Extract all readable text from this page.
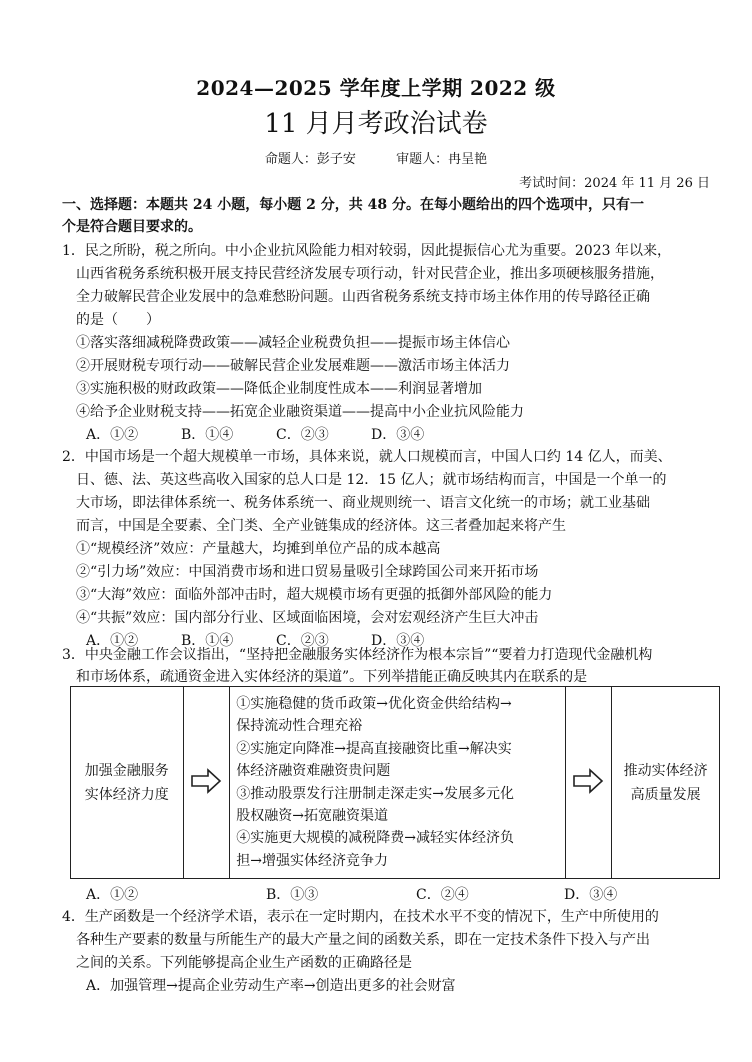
2024—2025 学年度上学期 2022 级
11 月月考政治试卷
命题人：彭子安	审题人：冉呈艳
考试时间：2024 年 11 月 26 日
一、选择题：本题共 24 小题，每小题 2 分，共 48 分。在每小题给出的四个选项中，只有一
个是符合题目要求的。
1．民之所盼，税之所向。中小企业抗风险能力相对较弱，因此提振信心尤为重要。2023 年以来，
山西省税务系统积极开展支持民营经济发展专项行动，针对民营企业，推出多项硬核服务措施，
全力破解民营企业发展中的急难愁盼问题。山西省税务系统支持市场主体作用的传导路径正确
的是（　　）
①落实落细减税降费政策——减轻企业税费负担——提振市场主体信心
②开展财税专项行动——破解民营企业发展难题——激活市场主体活力
③实施积极的财政政策——降低企业制度性成本——利润显著增加
④给予企业财税支持——拓宽企业融资渠道——提高中小企业抗风险能力
A．①②	B．①④	C．②③	D．③④
2．中国市场是一个超大规模单一市场，具体来说，就人口规模而言，中国人口约 14 亿人，而美、
日、德、法、英这些高收入国家的总人口是 12．15 亿人；就市场结构而言，中国是一个单一的
大市场，即法律体系统一、税务体系统一、商业规则统一、语言文化统一的市场；就工业基础
而言，中国是全要素、全门类、全产业链集成的经济体。这三者叠加起来将产生
①“规模经济”效应：产量越大，均摊到单位产品的成本越高
②“引力场”效应：中国消费市场和进口贸易量吸引全球跨国公司来开拓市场
③“大海”效应：面临外部冲击时，超大规模市场有更强的抵御外部风险的能力
④“共振”效应：国内部分行业、区域面临困境，会对宏观经济产生巨大冲击
A．①②	B．①④	C．②③	D．③④
3．中央金融工作会议指出，“坚持把金融服务实体经济作为根本宗旨”“要着力打造现代金融机构
和市场体系，疏通资金进入实体经济的渠道”。下列举措能正确反映其内在联系的是
加强金融服务
实体经济力度

①实施稳健的货币政策→优化资金供给结构→
保持流动性合理充裕
②实施定向降准→提高直接融资比重→解决实
体经济融资难融资贵问题
③推动股票发行注册制走深走实→发展多元化
股权融资→拓宽融资渠道
④实施更大规模的减税降费→减轻实体经济负
担→增强实体经济竞争力

推动实体经济
高质量发展
A．①②	B．①③	C．②④	D．③④
4．生产函数是一个经济学术语，表示在一定时期内，在技术水平不变的情况下，生产中所使用的
各种生产要素的数量与所能生产的最大产量之间的函数关系，即在一定技术条件下投入与产出
之间的关系。下列能够提高企业生产函数的正确路径是
A．加强管理→提高企业劳动生产率→创造出更多的社会财富
